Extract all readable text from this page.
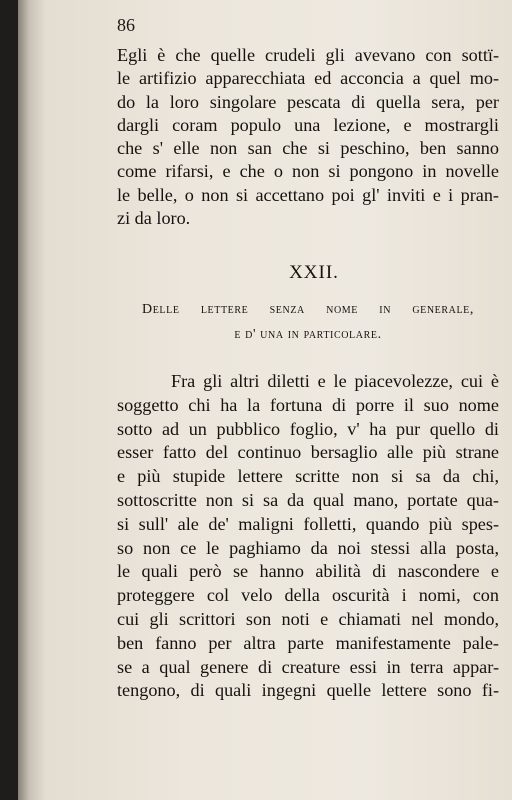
86

Egli è che quelle crudeli gli avevano con sottï-
le artifizio apparecchiata ed acconcia a quel mo-
do la loro singolare pescata di quella sera, per
dargli coram populo una lezione, e mostrargli
che s' elle non san che si peschino, ben sanno
come rifarsi, e che o non si pongono in novelle
le belle, o non si accettano poi gl' inviti e i pran-
zi da loro.

XXII.

Delle lettere senza nome in generale,

e d' una in particolare.

Fra gli altri diletti e le piacevolezze, cui è
soggetto chi ha la fortuna di porre il suo nome
sotto ad un pubblico foglio, v' ha pur quello di
esser fatto del continuo bersaglio alle più strane
e più stupide lettere scritte non si sa da chi,
sottoscritte non si sa da qual mano, portate qua-
si sull' ale de' maligni folletti, quando più spes-
so non ce le paghiamo da noi stessi alla posta,
le quali però se hanno abilità di nascondere e
proteggere col velo della oscurità i nomi, con
cui gli scrittori son noti e chiamati nel mondo,
ben fanno per altra parte manifestamente pale-
se a qual genere di creature essi in terra appar-
tengono, di quali ingegni quelle lettere sono fi-
